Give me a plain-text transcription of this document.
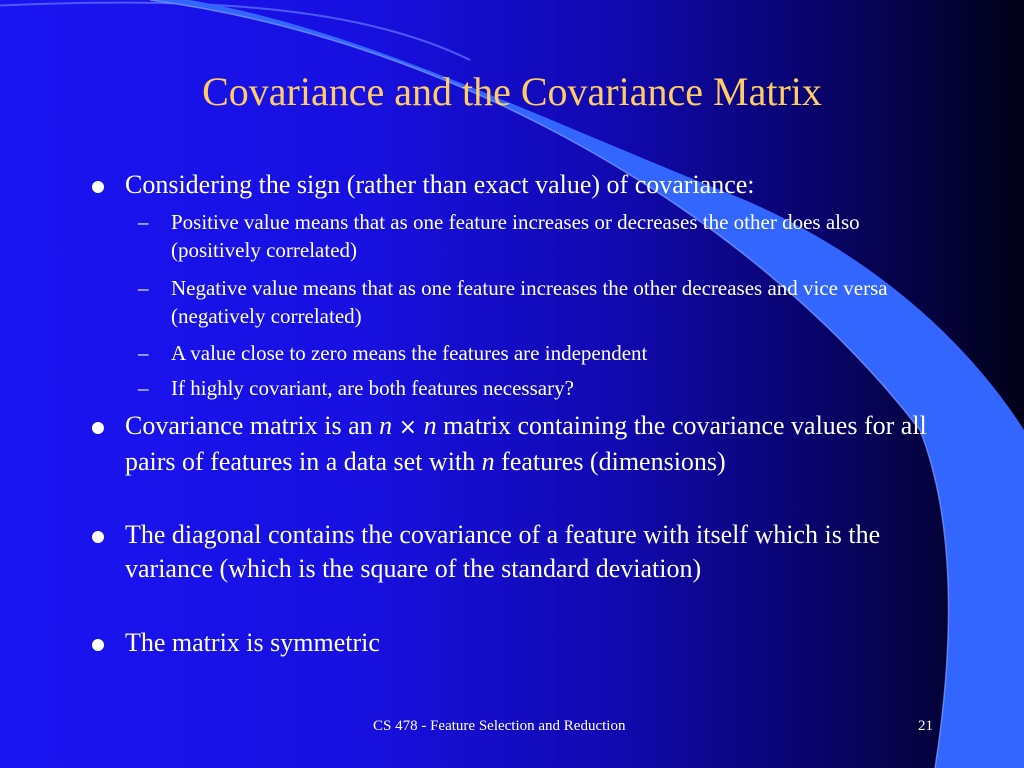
Covariance and the Covariance Matrix
Considering the sign (rather than exact value) of covariance:
– Positive value means that as one feature increases or decreases the other does also (positively correlated)
– Negative value means that as one feature increases the other decreases and vice versa (negatively correlated)
– A value close to zero means the features are independent
– If highly covariant, are both features necessary?
Covariance matrix is an n × n matrix containing the covariance values for all pairs of features in a data set with n features (dimensions)
The diagonal contains the covariance of a feature with itself which is the variance (which is the square of the standard deviation)
The matrix is symmetric
CS 478 - Feature Selection and Reduction	21
